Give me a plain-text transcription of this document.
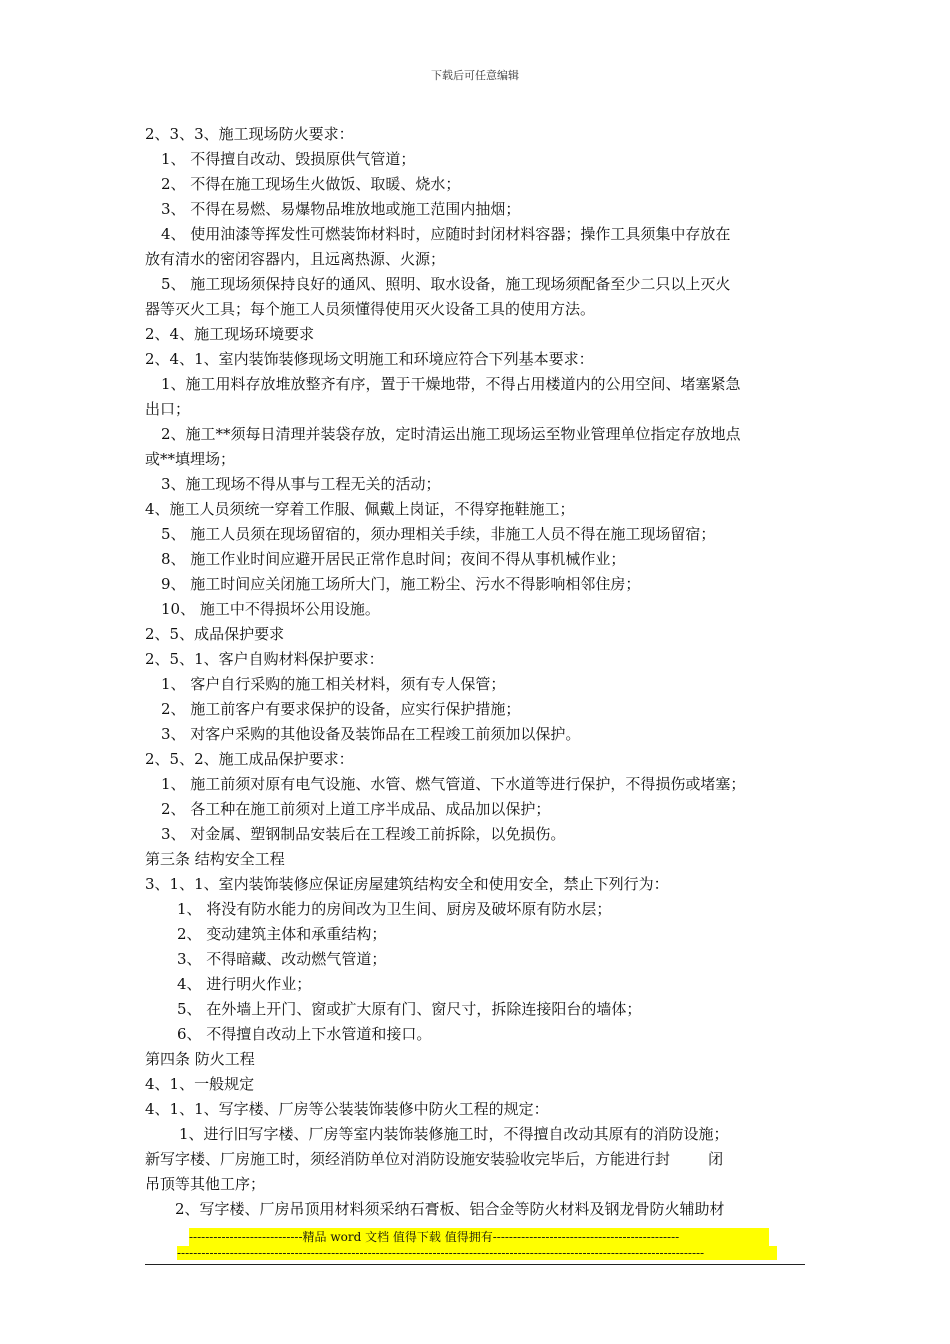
下载后可任意编辑
2、3、3、施工现场防火要求：
1、 不得擅自改动、毁损原供气管道；
2、 不得在施工现场生火做饭、取暖、烧水；
3、 不得在易燃、易爆物品堆放地或施工范围内抽烟；
4、 使用油漆等挥发性可燃装饰材料时，应随时封闭材料容器；操作工具须集中存放在
放有清水的密闭容器内，且远离热源、火源；
5、 施工现场须保持良好的通风、照明、取水设备，施工现场须配备至少二只以上灭火
器等灭火工具；每个施工人员须懂得使用灭火设备工具的使用方法。
2、4、施工现场环境要求
2、4、1、室内装饰装修现场文明施工和环境应符合下列基本要求：
1、施工用料存放堆放整齐有序，置于干燥地带，不得占用楼道内的公用空间、堵塞紧急
出口；
2、施工**须每日清理并装袋存放，定时清运出施工现场运至物业管理单位指定存放地点
或**填埋场；
3、施工现场不得从事与工程无关的活动；
4、施工人员须统一穿着工作服、佩戴上岗证，不得穿拖鞋施工；
5、 施工人员须在现场留宿的，须办理相关手续，非施工人员不得在施工现场留宿；
8、 施工作业时间应避开居民正常作息时间；夜间不得从事机械作业；
9、 施工时间应关闭施工场所大门，施工粉尘、污水不得影响相邻住房；
10、 施工中不得损坏公用设施。
2、5、成品保护要求
2、5、1、客户自购材料保护要求：
1、 客户自行采购的施工相关材料，须有专人保管；
2、 施工前客户有要求保护的设备，应实行保护措施；
3、 对客户采购的其他设备及装饰品在工程竣工前须加以保护。
2、5、2、施工成品保护要求：
1、 施工前须对原有电气设施、水管、燃气管道、下水道等进行保护，不得损伤或堵塞；
2、 各工种在施工前须对上道工序半成品、成品加以保护；
3、 对金属、塑钢制品安装后在工程竣工前拆除，以免损伤。
第三条 结构安全工程
3、1、1、室内装饰装修应保证房屋建筑结构安全和使用安全，禁止下列行为：
1、 将没有防水能力的房间改为卫生间、厨房及破坏原有防水层；
2、 变动建筑主体和承重结构；
3、 不得暗藏、改动燃气管道；
4、 进行明火作业；
5、 在外墙上开门、窗或扩大原有门、窗尺寸，拆除连接阳台的墙体；
6、 不得擅自改动上下水管道和接口。
第四条 防火工程
4、1、一般规定
4、1、1、写字楼、厂房等公装装饰装修中防火工程的规定：
1、进行旧写字楼、厂房等室内装饰装修施工时，不得擅自改动其原有的消防设施；
新写字楼、厂房施工时，须经消防单位对消防设施安装验收完毕后，方能进行封        闭
吊顶等其他工序；
2、写字楼、厂房吊顶用材料须采纳石膏板、铝合金等防火材料及钢龙骨防火辅助材
----------------------------精品 word 文档 值得下载 值得拥有----------------------------------------------
----------------------------------------------------------------------------------------------------------------------------------
